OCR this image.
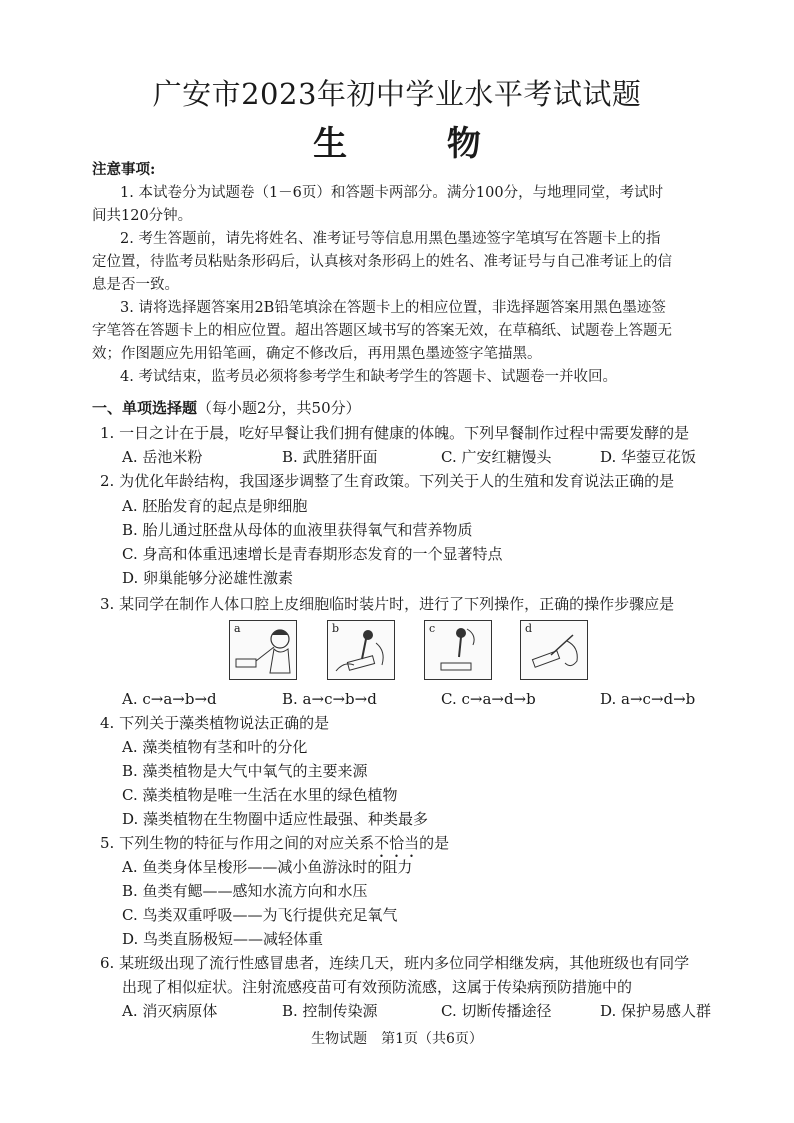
广安市2023年初中学业水平考试试题
生 物
注意事项:
1. 本试卷分为试题卷（1－6页）和答题卡两部分。满分100分，与地理同堂，考试时
间共120分钟。
2. 考生答题前，请先将姓名、准考证号等信息用黑色墨迹签字笔填写在答题卡上的指
定位置，待监考员粘贴条形码后，认真核对条形码上的姓名、准考证号与自己准考证上的信
息是否一致。
3. 请将选择题答案用2B铅笔填涂在答题卡上的相应位置，非选择题答案用黑色墨迹签
字笔答在答题卡上的相应位置。超出答题区域书写的答案无效，在草稿纸、试题卷上答题无
效；作图题应先用铅笔画，确定不修改后，再用黑色墨迹签字笔描黑。
4. 考试结束，监考员必须将参考学生和缺考学生的答题卡、试题卷一并收回。
一、单项选择题（每小题2分，共50分）
1. 一日之计在于晨，吃好早餐让我们拥有健康的体魄。下列早餐制作过程中需要发酵的是
A. 岳池米粉	B. 武胜猪肝面	C. 广安红糖馒头	D. 华蓥豆花饭
2. 为优化年龄结构，我国逐步调整了生育政策。下列关于人的生殖和发育说法正确的是
A. 胚胎发育的起点是卵细胞
B. 胎儿通过胚盘从母体的血液里获得氧气和营养物质
C. 身高和体重迅速增长是青春期形态发育的一个显著特点
D. 卵巢能够分泌雄性激素
3. 某同学在制作人体口腔上皮细胞临时装片时，进行了下列操作，正确的操作步骤应是
a	b	c	d
A. c→a→b→d	B. a→c→b→d	C. c→a→d→b	D. a→c→d→b
4. 下列关于藻类植物说法正确的是
A. 藻类植物有茎和叶的分化
B. 藻类植物是大气中氧气的主要来源
C. 藻类植物是唯一生活在水里的绿色植物
D. 藻类植物在生物圈中适应性最强、种类最多
5. 下列生物的特征与作用之间的对应关系不恰当的是
A. 鱼类身体呈梭形——减小鱼游泳时的阻力
B. 鱼类有鳃——感知水流方向和水压
C. 鸟类双重呼吸——为飞行提供充足氧气
D. 鸟类直肠极短——减轻体重
6. 某班级出现了流行性感冒患者，连续几天，班内多位同学相继发病，其他班级也有同学
出现了相似症状。注射流感疫苗可有效预防流感，这属于传染病预防措施中的
A. 消灭病原体	B. 控制传染源	C. 切断传播途径	D. 保护易感人群
生物试题　第1页（共6页）
